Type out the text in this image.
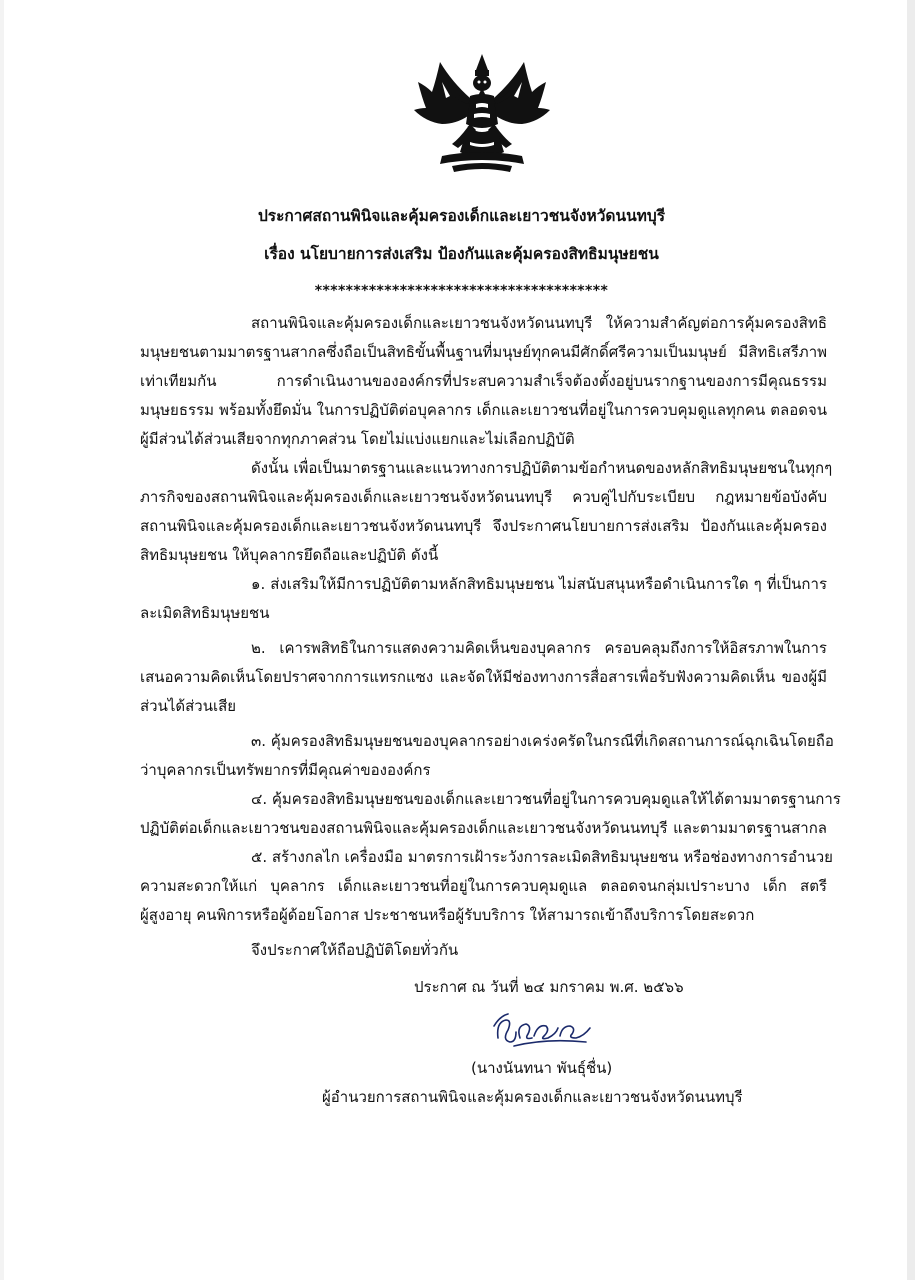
ประกาศสถานพินิจและคุ้มครองเด็กและเยาวชนจังหวัดนนทบุรี
เรื่อง นโยบายการส่งเสริม ป้องกันและคุ้มครองสิทธิมนุษยชน
**************************************
สถานพินิจและคุ้มครองเด็กและเยาวชนจังหวัดนนทบุรี ให้ความสำคัญต่อการคุ้มครองสิทธิ
มนุษยชนตามมาตรฐานสากลซึ่งถือเป็นสิทธิขั้นพื้นฐานที่มนุษย์ทุกคนมีศักดิ์ศรีความเป็นมนุษย์ มีสิทธิเสรีภาพ
เท่าเทียมกัน การดำเนินงานขององค์กรที่ประสบความสำเร็จต้องตั้งอยู่บนรากฐานของการมีคุณธรรม
มนุษยธรรม พร้อมทั้งยึดมั่น ในการปฏิบัติต่อบุคลากร เด็กและเยาวชนที่อยู่ในการควบคุมดูแลทุกคน ตลอดจน
ผู้มีส่วนได้ส่วนเสียจากทุกภาคส่วน โดยไม่แบ่งแยกและไม่เลือกปฏิบัติ
ดังนั้น เพื่อเป็นมาตรฐานและแนวทางการปฏิบัติตามข้อกำหนดของหลักสิทธิมนุษยชนในทุกๆ
ภารกิจของสถานพินิจและคุ้มครองเด็กและเยาวชนจังหวัดนนทบุรี ควบคู่ไปกับระเบียบ กฎหมายข้อบังคับ
สถานพินิจและคุ้มครองเด็กและเยาวชนจังหวัดนนทบุรี จึงประกาศนโยบายการส่งเสริม ป้องกันและคุ้มครอง
สิทธิมนุษยชน ให้บุคลากรยึดถือและปฏิบัติ ดังนี้
๑. ส่งเสริมให้มีการปฏิบัติตามหลักสิทธิมนุษยชน ไม่สนับสนุนหรือดำเนินการใด ๆ ที่เป็นการ
ละเมิดสิทธิมนุษยชน
๒. เคารพสิทธิในการแสดงความคิดเห็นของบุคลากร ครอบคลุมถึงการให้อิสรภาพในการ
เสนอความคิดเห็นโดยปราศจากการแทรกแซง และจัดให้มีช่องทางการสื่อสารเพื่อรับฟังความคิดเห็น ของผู้มี
ส่วนได้ส่วนเสีย
๓. คุ้มครองสิทธิมนุษยชนของบุคลากรอย่างเคร่งครัดในกรณีที่เกิดสถานการณ์ฉุกเฉินโดยถือ
ว่าบุคลากรเป็นทรัพยากรที่มีคุณค่าขององค์กร
๔. คุ้มครองสิทธิมนุษยชนของเด็กและเยาวชนที่อยู่ในการควบคุมดูแลให้ได้ตามมาตรฐานการ
ปฏิบัติต่อเด็กและเยาวชนของสถานพินิจและคุ้มครองเด็กและเยาวชนจังหวัดนนทบุรี และตามมาตรฐานสากล
๕. สร้างกลไก เครื่องมือ มาตรการเฝ้าระวังการละเมิดสิทธิมนุษยชน หรือช่องทางการอำนวย
ความสะดวกให้แก่ บุคลากร เด็กและเยาวชนที่อยู่ในการควบคุมดูแล ตลอดจนกลุ่มเปราะบาง เด็ก สตรี
ผู้สูงอายุ คนพิการหรือผู้ด้อยโอกาส ประชาชนหรือผู้รับบริการ ให้สามารถเข้าถึงบริการโดยสะดวก
จึงประกาศให้ถือปฏิบัติโดยทั่วกัน
ประกาศ ณ วันที่ ๒๔ มกราคม พ.ศ. ๒๕๖๖
(นางนันทนา พันธุ์ชื่น)
ผู้อำนวยการสถานพินิจและคุ้มครองเด็กและเยาวชนจังหวัดนนทบุรี
